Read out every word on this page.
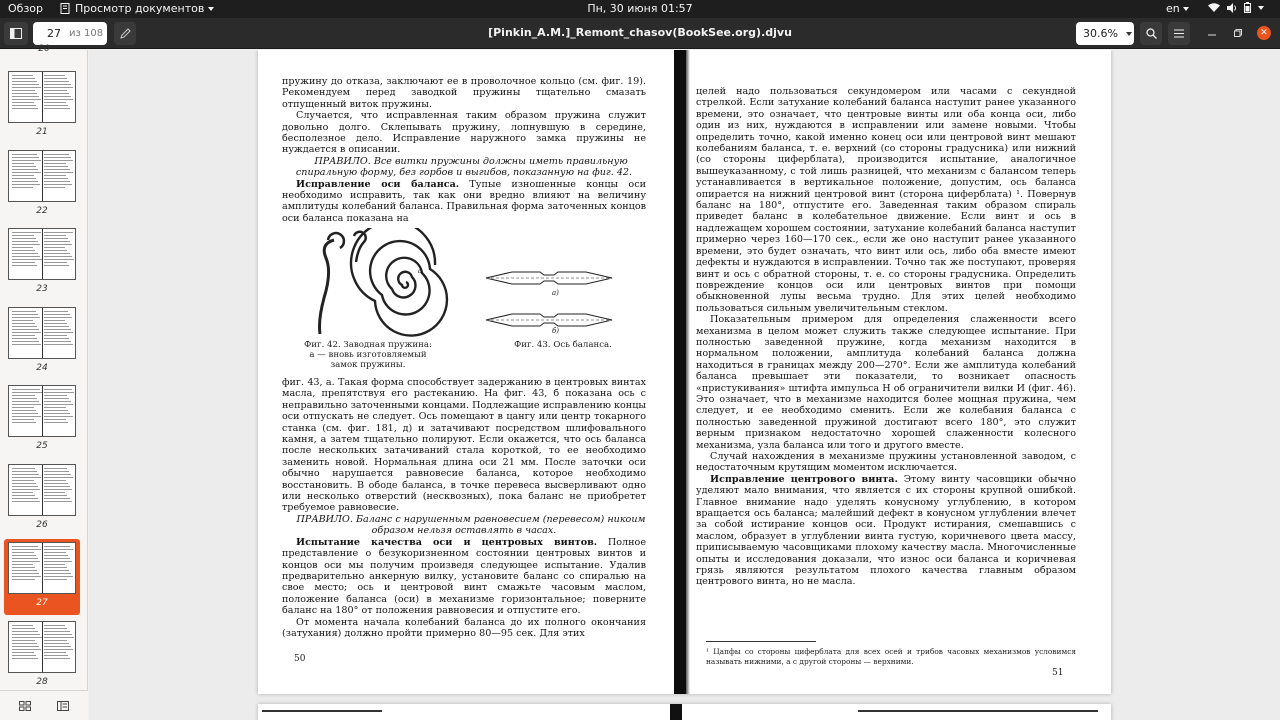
Обзор	Просмотр документов	Пн, 30 июня 01:57	en
27
из 108	[Pinkin_A.M.]_Remont_chasov(BookSee.org).djvu	30.6%	✕
20
21
22
23
24
25
26
27
28

пружину до отказа, заключают ее в проволочное кольцо (см. фиг. 19). Рекомендуем перед заводкой пружины тщательно смазать отпущенный виток пружины.

Случается, что исправленная таким образом пружина служит довольно долго. Склепывать пружину, лопнувшую в середине, бесполезное дело. Исправление наружного замка пружины не нуждается в описании.

ПРАВИЛО. Все витки пружины должны иметь правильную спиральную форму, без горбов и выгибов, показанную на фиг. 42.

Исправление оси баланса. Тупые изношенные концы оси необходимо исправить, так как они вредно влияют на величину амплитуды колебаний баланса. Правильная форма заточенных концов оси баланса показана на

а
Фиг. 42. Заводная пружина:
а — вновь изготовляемый замок пружины.
а)
б)
Фиг. 43. Ось баланса.

фиг. 43, а. Такая форма способствует задержанию в центровых винтах масла, препятствуя его растеканию. На фиг. 43, б показана ось с неправильно заточенными концами. Подлежащие исправлению концы оси отпускать не следует. Ось помещают в цангу или центр токарного станка (см. фиг. 181, д) и затачивают посредством шлифовального камня, а затем тщательно полируют. Если окажется, что ось баланса после нескольких затачиваний стала короткой, то ее необходимо заменить новой. Нормальная длина оси 21 мм. После заточки оси обычно нарушается равновесие баланса, которое необходимо восстановить. В ободе баланса, в точке перевеса высверливают одно или несколько отверстий (несквозных), пока баланс не приобретет требуемое равновесие.

ПРАВИЛО. Баланс с нарушенным равновесием (перевесом) никоим образом нельзя оставлять в часах.

Испытание качества оси и центровых винтов. Полное представление о безукоризненном состоянии центровых винтов и концов оси мы получим произведя следующее испытание. Удалив предварительно анкерную вилку, установите баланс со спиралью на свое место; ось и центровой винт смажьте часовым маслом, положение баланса (оси) в механизме горизонтальное; поверните баланс на 180° от положения равновесия и отпустите его.

От момента начала колебаний баланса до их полного окончания (затухания) должно пройти примерно 80—95 сек. Для этих

50

целей надо пользоваться секундомером или часами с секундной стрелкой. Если затухание колебаний баланса наступит ранее указанного времени, это означает, что центровые винты или оба конца оси, либо один из них, нуждаются в исправлении или замене новыми. Чтобы определить точно, какой именно конец оси или центровой винт мешают колебаниям баланса, т. е. верхний (со стороны градусника) или нижний (со стороны циферблата), производится испытание, аналогичное вышеуказанному, с той лишь разницей, что механизм с балансом теперь устанавливается в вертикальное положение, допустим, ось баланса опирается на нижний центровой винт (сторона циферблата) ¹. Повернув баланс на 180°, отпустите его. Заведенная таким образом спираль приведет баланс в колебательное движение. Если винт и ось в надлежащем хорошем состоянии, затухание колебаний баланса наступит примерно через 160—170 сек., если же оно наступит ранее указанного времени, это будет означать, что винт или ось, либо оба вместе имеют дефекты и нуждаются в исправлении. Точно так же поступают, проверяя винт и ось с обратной стороны, т. е. со стороны градусника. Определить повреждение концов оси или центровых винтов при помощи обыкновенной лупы весьма трудно. Для этих целей необходимо пользоваться сильным увеличительным стеклом.

Показательным примером для определения слаженности всего механизма в целом может служить также следующее испытание. При полностью заведенной пружине, когда механизм находится в нормальном положении, амплитуда колебаний баланса должна находиться в границах между 200—270°. Если же амплитуда колебаний баланса превышает эти показатели, то возникает опасность «пристукивания» штифта импульса Н об ограничители вилки И (фиг. 46). Это означает, что в механизме находится более мощная пружина, чем следует, и ее необходимо сменить. Если же колебания баланса с полностью заведенной пружиной достигают всего 180°, это служит верным признаком недостаточно хорошей слаженности колесного механизма, узла баланса или того и другого вместе.

Случай нахождения в механизме пружины установленной заводом, с недостаточным крутящим моментом исключается.

Исправление центрового винта. Этому винту часовщики обычно уделяют мало внимания, что является с их стороны крупной ошибкой. Главное внимание надо уделять конусному углублению, в котором вращается ось баланса; малейший дефект в конусном углублении влечет за собой истирание концов оси. Продукт истирания, смешавшись с маслом, образует в углублении винта густую, коричневого цвета массу, приписываемую часовщиками плохому качеству масла. Многочисленные опыты и исследования доказали, что износ оси баланса и коричневая грязь являются результатом плохого качества главным образом центрового винта, но не масла.

¹ Цапфы со стороны циферблата для всех осей и трибов часовых механизмов условимся называть нижними, а с другой стороны — верхними.
51
